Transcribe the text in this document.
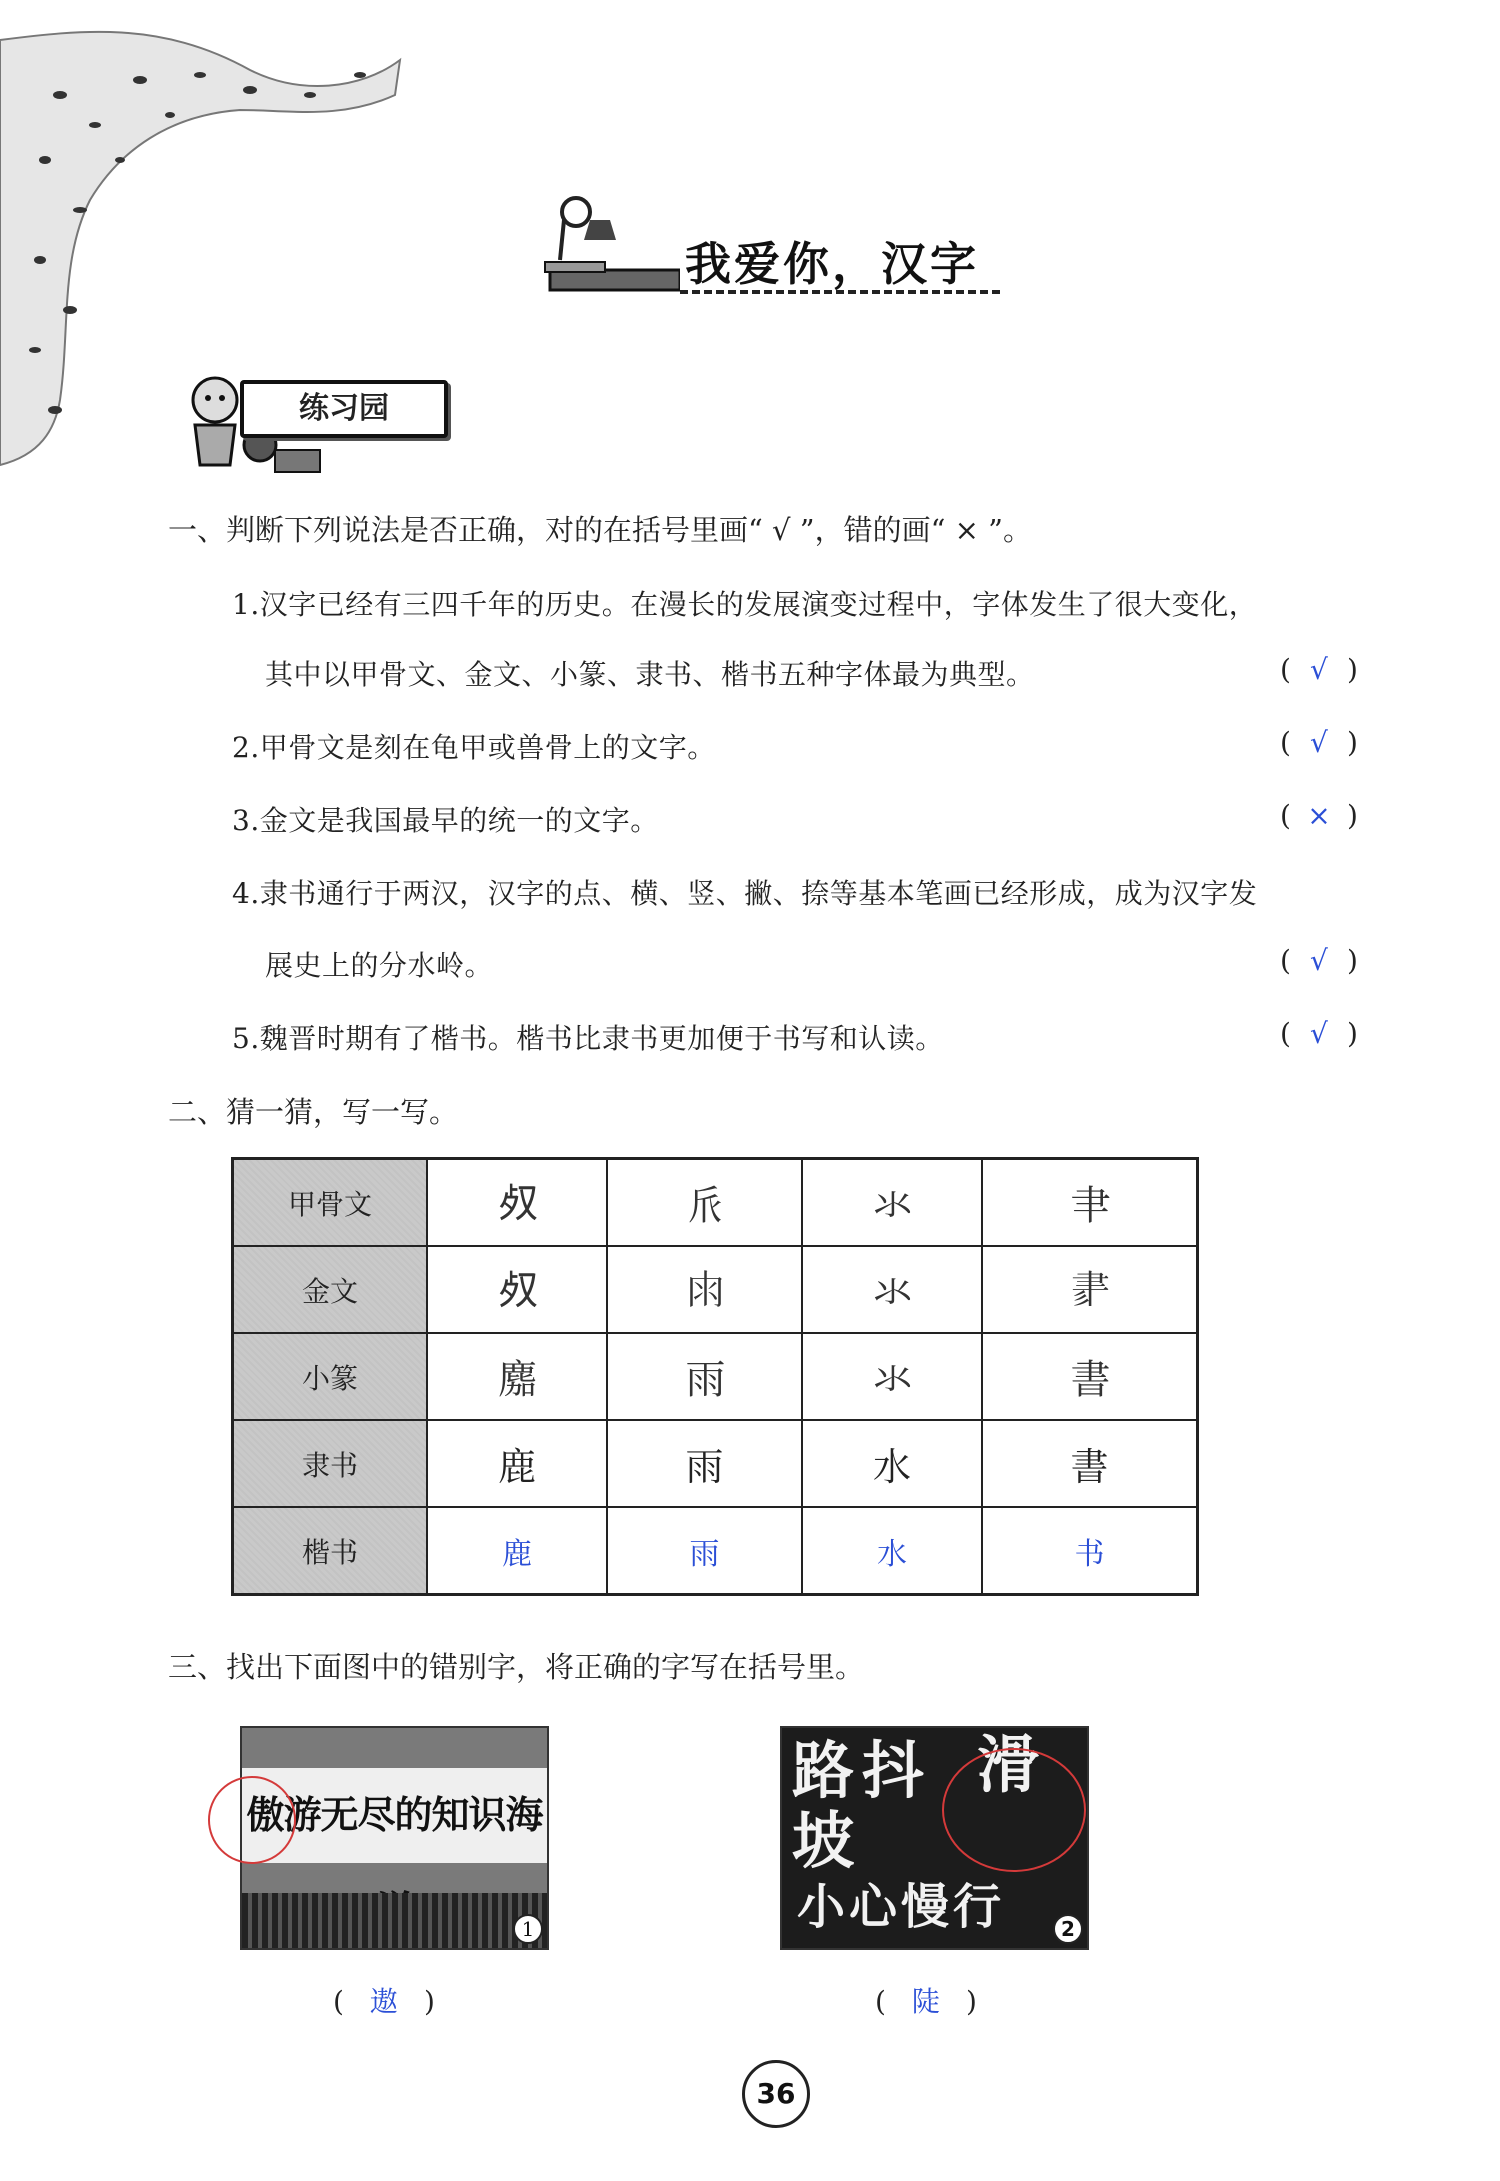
我爱你，汉字
练习园
一、判断下列说法是否正确，对的在括号里画“ √ ”，错的画“ × ”。
1.汉字已经有三四千年的历史。在漫长的发展演变过程中，字体发生了很大变化，
其中以甲骨文、金文、小篆、隶书、楷书五种字体最为典型。	( √ )
2.甲骨文是刻在龟甲或兽骨上的文字。	( √ )
3.金文是我国最早的统一的文字。	( × )
4.隶书通行于两汉，汉字的点、横、竖、撇、捺等基本笔画已经形成，成为汉字发
展史上的分水岭。	( √ )
5.魏晋时期有了楷书。楷书比隶书更加便于书写和认读。	( √ )
二、猜一猜，写一写。
甲骨文	𣦼	𠂢	氺	𦘒
金文	𣦼	𠕒	氺	𦘔
小篆	䴥	雨	氺	書
隶书	鹿	雨	水	書
楷书	鹿	雨	水	书
三、找出下面图中的错别字，将正确的字写在括号里。
傲游无尽的知识海
1
( 遨 )
路 抖
坡
滑
小心慢行	2
( 陡 )
36
